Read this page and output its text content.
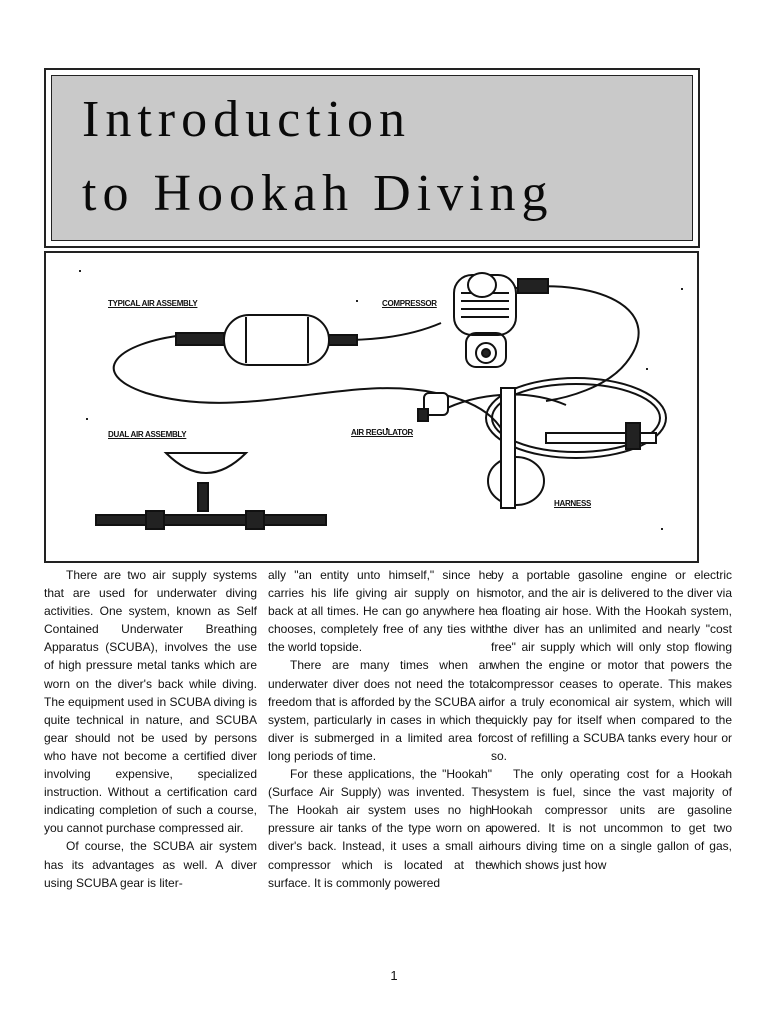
Introduction
to Hookah Diving
TYPICAL AIR ASSEMBLY	COMPRESSOR
DUAL AIR ASSEMBLY	AIR REGULATOR
HARNESS

There are two air supply systems that are used for underwater diving activities. One system, known as Self Contained Underwater Breathing Apparatus (SCUBA), involves the use of high pressure metal tanks which are worn on the diver's back while diving. The equipment used in SCUBA diving is quite technical in nature, and SCUBA gear should not be used by persons who have not become a certified diver involving expensive, specialized instruction. Without a certification card indicating completion of such a course, you cannot purchase compressed air.

Of course, the SCUBA air system has its advantages as well. A diver using SCUBA gear is liter-

ally "an entity unto himself," since he carries his life giving air supply on his back at all times. He can go anywhere he chooses, completely free of any ties with the world topside.

There are many times when an underwater diver does not need the total freedom that is afforded by the SCUBA air system, particularly in cases in which the diver is submerged in a limited area for long periods of time.

For these applications, the "Hookah" (Surface Air Supply) was invented. The The Hookah air system uses no high pressure air tanks of the type worn on a diver's back. Instead, it uses a small air compressor which is located at the surface. It is commonly powered

by a portable gasoline engine or electric motor, and the air is delivered to the diver via a floating air hose. With the Hookah system, the diver has an unlimited and nearly "cost free" air supply which will only stop flowing when the engine or motor that powers the compressor ceases to operate. This makes for a truly economical air system, which will quickly pay for itself when compared to the cost of refilling a SCUBA tanks every hour or so.

The only operating cost for a Hookah system is fuel, since the vast majority of Hookah compressor units are gasoline powered. It is not uncommon to get two hours diving time on a single gallon of gas, which shows just how

1
